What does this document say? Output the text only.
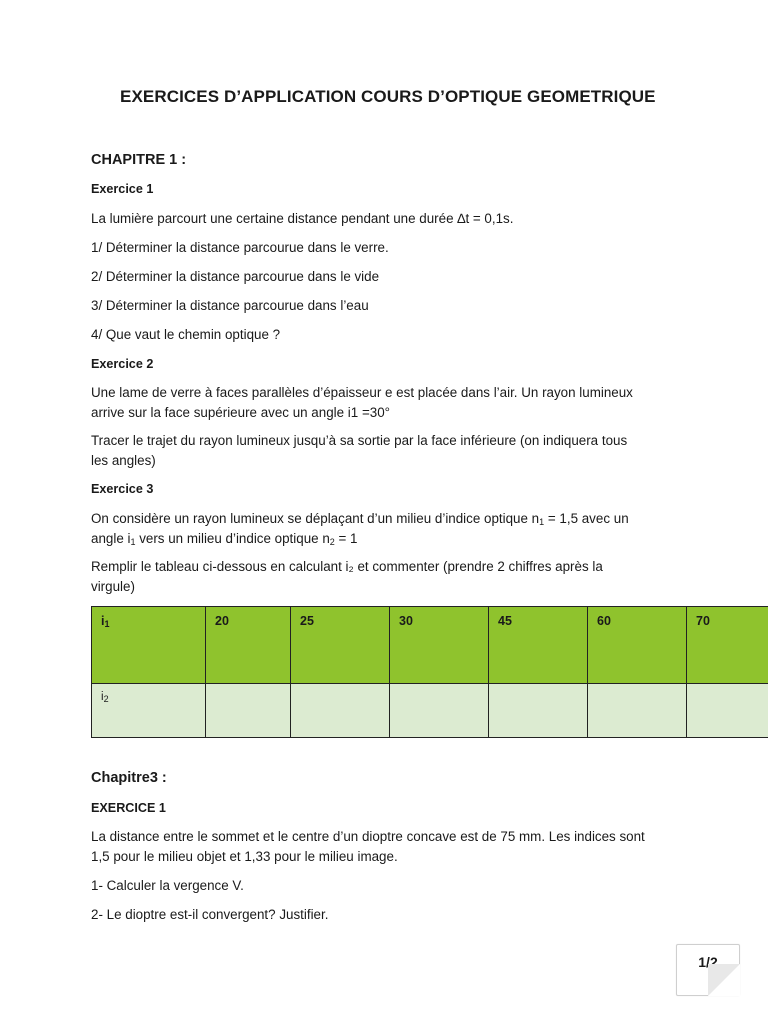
EXERCICES D’APPLICATION COURS D’OPTIQUE GEOMETRIQUE
CHAPITRE 1 :
Exercice 1
La lumière parcourt une certaine distance pendant une durée ∆t = 0,1s.
1/ Déterminer la distance parcourue dans le verre.
2/ Déterminer la distance parcourue dans le vide
3/ Déterminer la distance parcourue dans l’eau
4/ Que vaut le chemin optique ?
Exercice 2
Une lame de verre à faces parallèles d’épaisseur e est placée dans l’air. Un rayon lumineux
arrive sur la face supérieure avec un angle i1 =30°
Tracer le trajet du rayon lumineux jusqu’à sa sortie par la face inférieure (on indiquera tous
les angles)
Exercice 3
On considère un rayon lumineux se déplaçant d’un milieu d’indice optique $n_1 = 1,5$ avec un
angle $i_1$ vers un milieu d’indice optique $n_2 = 1$
Remplir le tableau ci-dessous en calculant i₂ et commenter (prendre 2 chiffres après la
virgule)
$i_1$	20	25	30	45	60	70
$i_2$						
Chapitre3 :
EXERCICE 1
La distance entre le sommet et le centre d’un dioptre concave est de 75 mm. Les indices sont
1,5 pour le milieu objet et 1,33 pour le milieu image.
1- Calculer la vergence V.
2- Le dioptre est-il convergent? Justifier.
1/2
